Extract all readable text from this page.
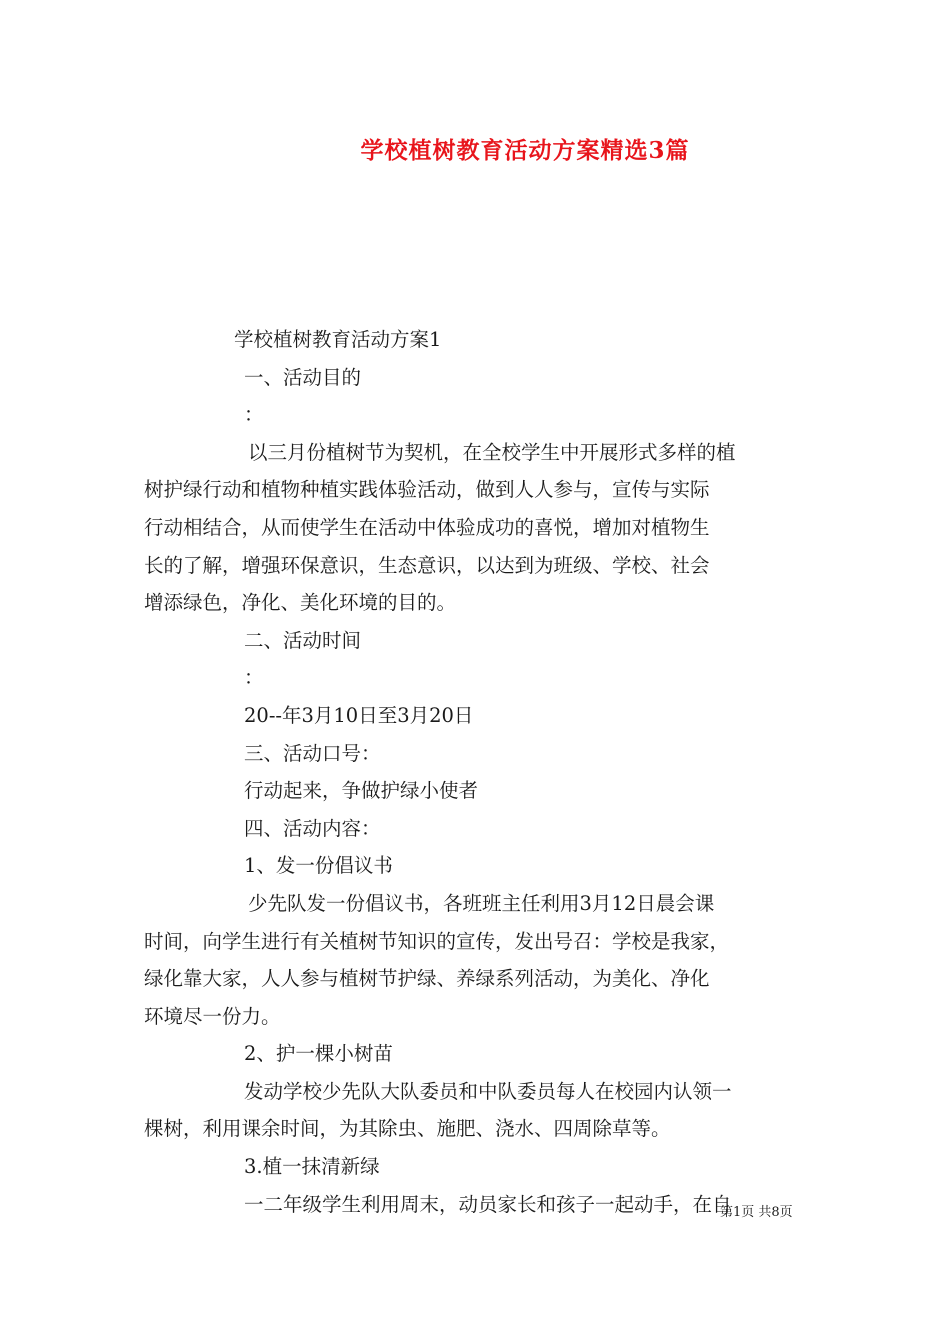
学校植树教育活动方案精选3篇
学校植树教育活动方案1
一、活动目的
：
以三月份植树节为契机，在全校学生中开展形式多样的植
树护绿行动和植物种植实践体验活动，做到人人参与，宣传与实际
行动相结合，从而使学生在活动中体验成功的喜悦，增加对植物生
长的了解，增强环保意识，生态意识，以达到为班级、学校、社会
增添绿色，净化、美化环境的目的。
二、活动时间
：
20--年3月10日至3月20日
三、活动口号：
行动起来，争做护绿小使者
四、活动内容：
1、发一份倡议书
少先队发一份倡议书，各班班主任利用3月12日晨会课
时间，向学生进行有关植树节知识的宣传，发出号召：学校是我家，
绿化靠大家，人人参与植树节护绿、养绿系列活动，为美化、净化
环境尽一份力。
2、护一棵小树苗
发动学校少先队大队委员和中队委员每人在校园内认领一
棵树，利用课余时间，为其除虫、施肥、浇水、四周除草等。
3.植一抹清新绿
一二年级学生利用周末，动员家长和孩子一起动手，在自
第1页 共8页
